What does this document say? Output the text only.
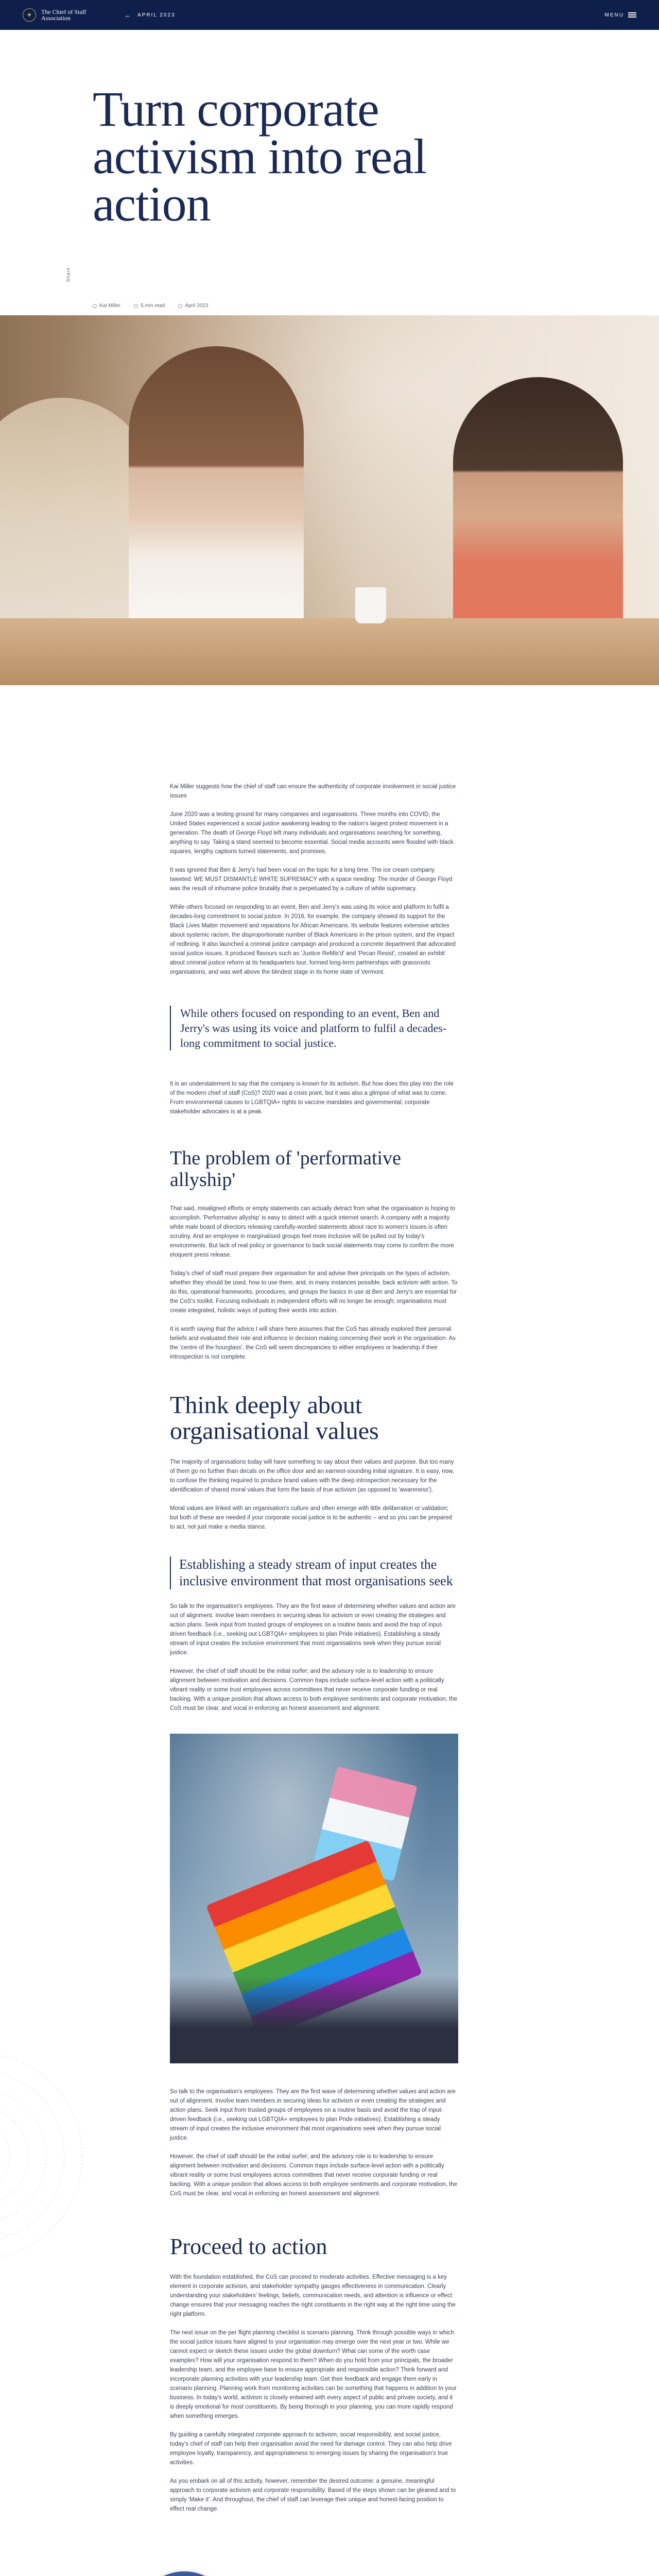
✦	The Chief of Staff
Association	← APRIL 2023	MENU
Turn corporate activism into real action
Share
Kai Miller	5 min read	April 2023

Kai Miller suggests how the chief of staff can ensure the authenticity of corporate involvement in social justice issues

June 2020 was a testing ground for many companies and organisations. Three months into COVID, the United States experienced a social justice awakening leading to the nation's largest protest movement in a generation. The death of George Floyd left many individuals and organisations searching for something, anything to say. Taking a stand seemed to become essential. Social media accounts were flooded with black squares, lengthy captions turned statements, and promises.

It was ignored that Ben & Jerry's had been vocal on the topic for a long time. The ice cream company tweeted: WE MUST DISMANTLE WHITE SUPREMACY with a space needing: The murder of George Floyd was the result of inhumane police brutality that is perpetuated by a culture of white supremacy.

While others focused on responding to an event, Ben and Jerry's was using its voice and platform to fulfil a decades-long commitment to social justice. In 2016, for example, the company showed its support for the Black Lives Matter movement and reparations for African Americans. Its website features extensive articles about systemic racism, the disproportionate number of Black Americans in the prison system, and the impact of redlining. It also launched a criminal justice campaign and produced a concrete department that advocated social justice issues. It produced flavours such as 'Justice ReMix'd' and 'Pecan Resist', created an exhibit about criminal justice reform at its headquarters tour, formed long-term partnerships with grassroots organisations, and was well above the blindest stage in its home state of Vermont.

While others focused on responding to an event, Ben and Jerry's was using its voice and platform to fulfil a decades-long commitment to social justice.

It is an understatement to say that the company is known for its activism. But how does this play into the role of the modern chief of staff (CoS)? 2020 was a crisis point, but it was also a glimpse of what was to come. From environmental causes to LGBTQIA+ rights to vaccine mandates and governmental, corporate stakeholder advocates is at a peak.

The problem of 'performative allyship'

That said, misaligned efforts or empty statements can actually detract from what the organisation is hoping to accomplish. 'Performative allyship' is easy to detect with a quick internet search. A company with a majority white male board of directors releasing carefully-worded statements about race to women's issues is often scrutiny. And an employee in marginalised groups feel more inclusive will be pulled out by today's environments. But lack of real policy or governance to back social statements may come to confirm the more eloquent press release.

Today's chief of staff must prepare their organisation for and advise their principals on the types of activism, whether they should be used, how to use them, and, in many instances possible, back activism with action. To do this, operational frameworks, procedures, and groups the basics in use at Ben and Jerry's are essential for the CoS's toolkit. Focusing individuals in independent efforts will no longer be enough; organisations must create integrated, holistic ways of putting their words into action.

It is worth saying that the advice I will share here assumes that the CoS has already explored their personal beliefs and evaluated their role and influence in decision making concerning their work in the organisation. As the 'centre of the hourglass', the CoS will seem discrepancies to either employees or leadership if their introspection is not complete.

Think deeply about organisational values

The majority of organisations today will have something to say about their values and purpose. But too many of them go no further than decals on the office door and an earnest-sounding initial signature. It is easy, now, to confuse the thinking required to produce brand values with the deep introspection necessary for the identification of shared moral values that form the basis of true activism (as opposed to 'awareness').

Moral values are linked with an organisation's culture and often emerge with little deliberation or validation; but both of these are needed if your corporate social justice is to be authentic – and so you can be prepared to act, not just make a media stance.

Establishing a steady stream of input creates the inclusive environment that most organisations seek

So talk to the organisation's employees. They are the first wave of determining whether values and action are out of alignment. Involve team members in securing ideas for activism or even creating the strategies and action plans. Seek input from trusted groups of employees on a routine basis and avoid the trap of input-driven feedback (i.e., seeking out LGBTQIA+ employees to plan Pride initiatives). Establishing a steady stream of input creates the inclusive environment that most organisations seek when they pursue social justice.

However, the chief of staff should be the initial surfer; and the advisory role is to leadership to ensure alignment between motivation and decisions. Common traps include surface-level action with a politically vibrant reality or some trust employees across committees that never receive corporate funding or real backing. With a unique position that allows access to both employee sentiments and corporate motivation, the CoS must be clear, and vocal in enforcing an honest assessment and alignment.

So talk to the organisation's employees. They are the first wave of determining whether values and action are out of alignment. Involve team members in securing ideas for activism or even creating the strategies and action plans. Seek input from trusted groups of employees on a routine basis and avoid the trap of input-driven feedback (i.e., seeking out LGBTQIA+ employees to plan Pride initiatives). Establishing a steady stream of input creates the inclusive environment that most organisations seek when they pursue social justice.

However, the chief of staff should be the initial surfer; and the advisory role is to leadership to ensure alignment between motivation and decisions. Common traps include surface-level action with a politically vibrant reality or some trust employees across committees that never receive corporate funding or real backing. With a unique position that allows access to both employee sentiments and corporate motivation, the CoS must be clear, and vocal in enforcing an honest assessment and alignment.

Proceed to action

With the foundation established, the CoS can proceed to moderate activities. Effective messaging is a key element in corporate activism, and stakeholder sympathy gauges effectiveness in communication. Clearly understanding your stakeholders' feelings, beliefs, communication needs, and attention is influence or effect change ensures that your messaging reaches the right constituents in the right way at the right time using the right platform.

The next issue on the per flight planning checklist is scenario planning. Think through possible ways in which the social justice issues have aligned to your organisation may emerge over the next year or two. While we cannot expect or sketch these issues under the global downturn? What can some of the worth case examples? How will your organisation respond to them? When do you hold from your principals, the broader leadership team, and the employee base to ensure appropriate and responsible action? Think forward and incorporate planning activities with your leadership team. Get their feedback and engage them early in scenario planning. Planning work from monitoring activities can be something that happens in addition to your business. In today's world, activism is closely entwined with every aspect of public and private society, and it is deeply emotional for most constituents. By being thorough in your planning, you can more rapidly respond when something emerges.

By guiding a carefully integrated corporate approach to activism, social responsibility, and social justice, today's chief of staff can help their organisation avoid the need for damage control. They can also help drive employee loyalty, transparency, and appropriateness to emerging issues by sharing the organisation's true activities.

As you embark on all of this activity, however, remember the desired outcome: a genuine, meaningful approach to corporate activism and corporate responsibility. Based of the steps shown can be gleaned and to simply 'Make it'. And throughout, the chief of staff can leverage their unique and honest-facing position to effect real change.
